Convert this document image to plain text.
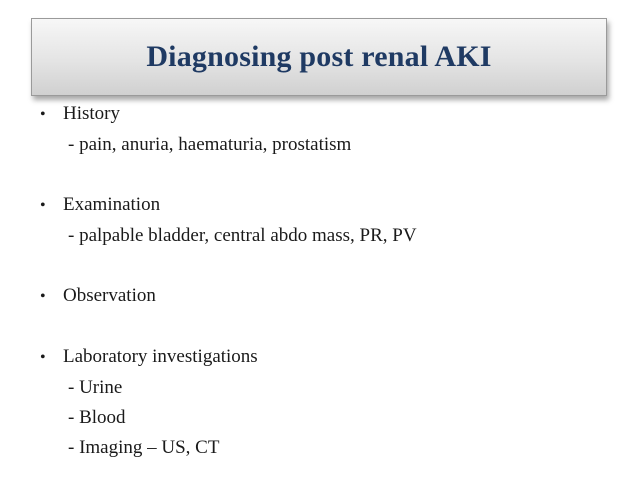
Diagnosing post renal AKI
• History
- pain, anuria, haematuria, prostatism
• Examination
- palpable bladder, central abdo mass, PR, PV
• Observation
• Laboratory investigations
- Urine
- Blood
- Imaging – US, CT
